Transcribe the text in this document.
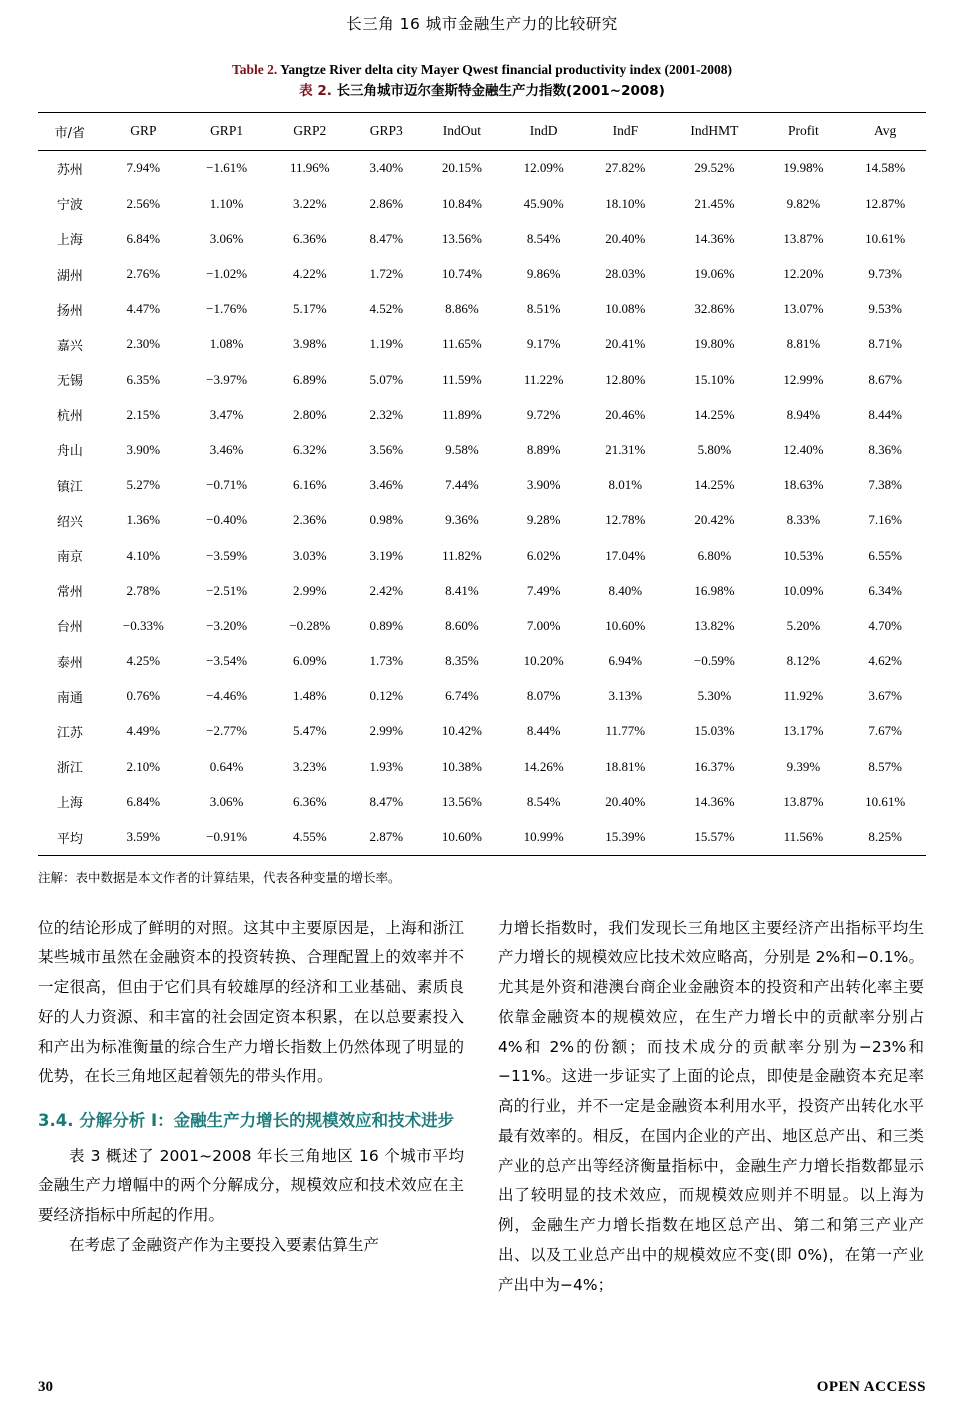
长三角 16 城市金融生产力的比较研究
Table 2. Yangtze River delta city Mayer Qwest financial productivity index (2001-2008)
表 2. 长三角城市迈尔奎斯特金融生产力指数(2001~2008)
市/省	GRP	GRP1	GRP2	GRP3	IndOut	IndD	IndF	IndHMT	Profit	Avg
苏州	7.94%	−1.61%	11.96%	3.40%	20.15%	12.09%	27.82%	29.52%	19.98%	14.58%
宁波	2.56%	1.10%	3.22%	2.86%	10.84%	45.90%	18.10%	21.45%	9.82%	12.87%
上海	6.84%	3.06%	6.36%	8.47%	13.56%	8.54%	20.40%	14.36%	13.87%	10.61%
湖州	2.76%	−1.02%	4.22%	1.72%	10.74%	9.86%	28.03%	19.06%	12.20%	9.73%
扬州	4.47%	−1.76%	5.17%	4.52%	8.86%	8.51%	10.08%	32.86%	13.07%	9.53%
嘉兴	2.30%	1.08%	3.98%	1.19%	11.65%	9.17%	20.41%	19.80%	8.81%	8.71%
无锡	6.35%	−3.97%	6.89%	5.07%	11.59%	11.22%	12.80%	15.10%	12.99%	8.67%
杭州	2.15%	3.47%	2.80%	2.32%	11.89%	9.72%	20.46%	14.25%	8.94%	8.44%
舟山	3.90%	3.46%	6.32%	3.56%	9.58%	8.89%	21.31%	5.80%	12.40%	8.36%
镇江	5.27%	−0.71%	6.16%	3.46%	7.44%	3.90%	8.01%	14.25%	18.63%	7.38%
绍兴	1.36%	−0.40%	2.36%	0.98%	9.36%	9.28%	12.78%	20.42%	8.33%	7.16%
南京	4.10%	−3.59%	3.03%	3.19%	11.82%	6.02%	17.04%	6.80%	10.53%	6.55%
常州	2.78%	−2.51%	2.99%	2.42%	8.41%	7.49%	8.40%	16.98%	10.09%	6.34%
台州	−0.33%	−3.20%	−0.28%	0.89%	8.60%	7.00%	10.60%	13.82%	5.20%	4.70%
泰州	4.25%	−3.54%	6.09%	1.73%	8.35%	10.20%	6.94%	−0.59%	8.12%	4.62%
南通	0.76%	−4.46%	1.48%	0.12%	6.74%	8.07%	3.13%	5.30%	11.92%	3.67%
江苏	4.49%	−2.77%	5.47%	2.99%	10.42%	8.44%	11.77%	15.03%	13.17%	7.67%
浙江	2.10%	0.64%	3.23%	1.93%	10.38%	14.26%	18.81%	16.37%	9.39%	8.57%
上海	6.84%	3.06%	6.36%	8.47%	13.56%	8.54%	20.40%	14.36%	13.87%	10.61%
平均	3.59%	−0.91%	4.55%	2.87%	10.60%	10.99%	15.39%	15.57%	11.56%	8.25%
注解：表中数据是本文作者的计算结果，代表各种变量的增长率。

位的结论形成了鲜明的对照。这其中主要原因是，上海和浙江某些城市虽然在金融资本的投资转换、合理配置上的效率并不一定很高，但由于它们具有较雄厚的经济和工业基础、素质良好的人力资源、和丰富的社会固定资本积累，在以总要素投入和产出为标准衡量的综合生产力增长指数上仍然体现了明显的优势，在长三角地区起着领先的带头作用。

3.4. 分解分析 I：金融生产力增长的规模效应和技术进步

表 3 概述了 2001~2008 年长三角地区 16 个城市平均金融生产力增幅中的两个分解成分，规模效应和技术效应在主要经济指标中所起的作用。

在考虑了金融资产作为主要投入要素估算生产

力增长指数时，我们发现长三角地区主要经济产出指标平均生产力增长的规模效应比技术效应略高，分别是 2%和−0.1%。尤其是外资和港澳台商企业金融资本的投资和产出转化率主要依靠金融资本的规模效应，在生产力增长中的贡献率分别占 4%和 2%的份额；而技术成分的贡献率分别为−23%和−11%。这进一步证实了上面的论点，即使是金融资本充足率高的行业，并不一定是金融资本利用水平，投资产出转化水平最有效率的。相反，在国内企业的产出、地区总产出、和三类产业的总产出等经济衡量指标中，金融生产力增长指数都显示出了较明显的技术效应，而规模效应则并不明显。以上海为例，金融生产力增长指数在地区总产出、第二和第三产业产出、以及工业总产出中的规模效应不变(即 0%)，在第一产业产出中为−4%；

30	OPEN ACCESS
